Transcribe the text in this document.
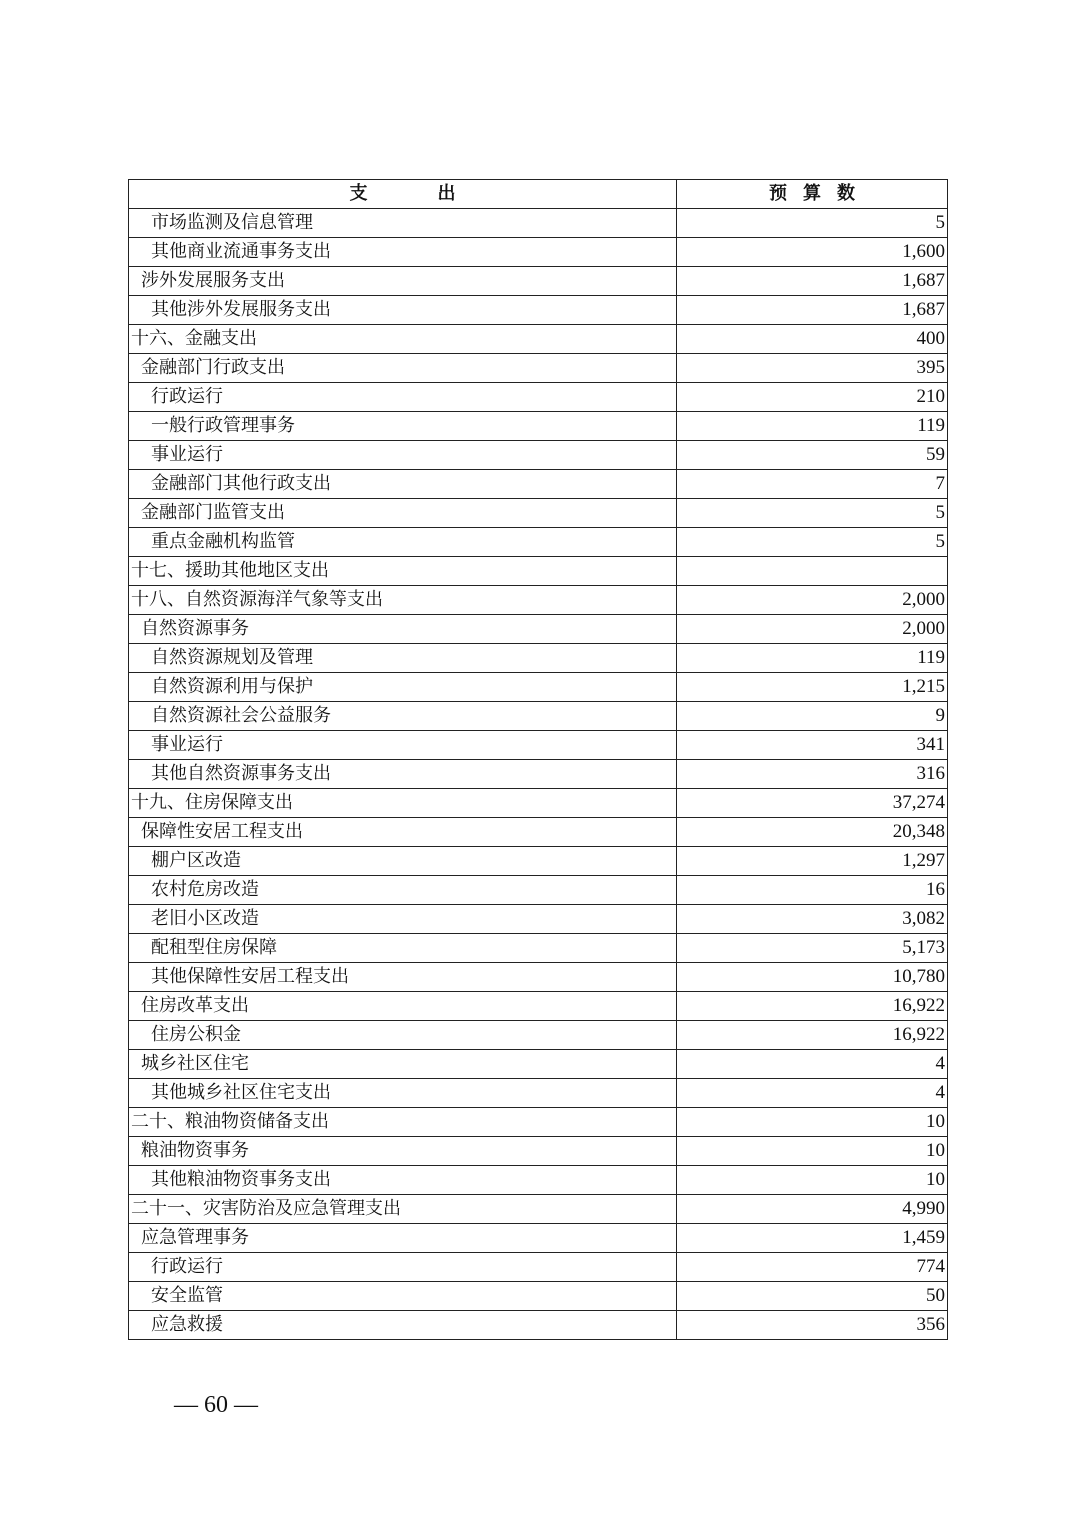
支 出	预 算 数
市场监测及信息管理	5
其他商业流通事务支出	1,600
涉外发展服务支出	1,687
其他涉外发展服务支出	1,687
十六、金融支出	400
金融部门行政支出	395
行政运行	210
一般行政管理事务	119
事业运行	59
金融部门其他行政支出	7
金融部门监管支出	5
重点金融机构监管	5
十七、援助其他地区支出	
十八、自然资源海洋气象等支出	2,000
自然资源事务	2,000
自然资源规划及管理	119
自然资源利用与保护	1,215
自然资源社会公益服务	9
事业运行	341
其他自然资源事务支出	316
十九、住房保障支出	37,274
保障性安居工程支出	20,348
棚户区改造	1,297
农村危房改造	16
老旧小区改造	3,082
配租型住房保障	5,173
其他保障性安居工程支出	10,780
住房改革支出	16,922
住房公积金	16,922
城乡社区住宅	4
其他城乡社区住宅支出	4
二十、粮油物资储备支出	10
粮油物资事务	10
其他粮油物资事务支出	10
二十一、灾害防治及应急管理支出	4,990
应急管理事务	1,459
行政运行	774
安全监管	50
应急救援	356
— 60 —
